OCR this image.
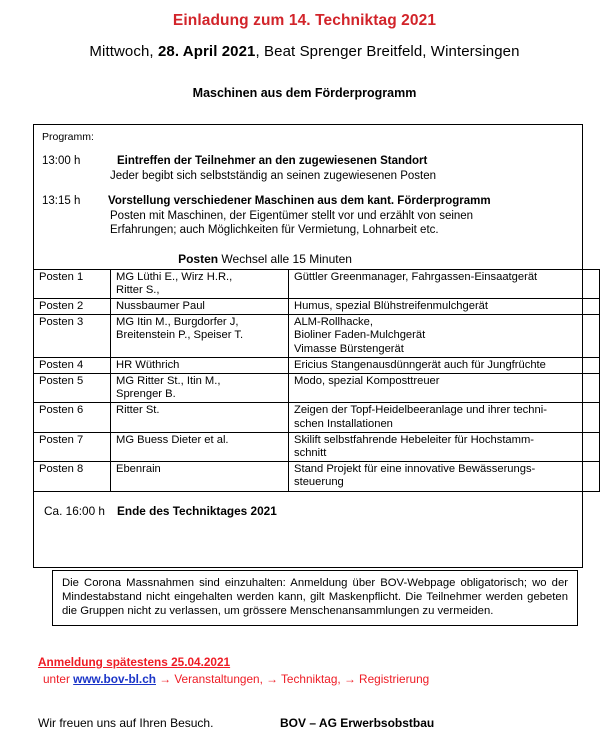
Einladung zum 14. Techniktag 2021

Mittwoch, 28. April 2021, Beat Sprenger Breitfeld, Wintersingen

Maschinen aus dem Förderprogramm

Programm:
13:00 h	Eintreffen der Teilnehmer an den zugewiesenen Standort
Jeder begibt sich selbstständig an seinen zugewiesenen Posten
13:15 h	Vorstellung verschiedener Maschinen aus dem kant. Förderprogramm
Posten mit Maschinen, der Eigentümer stellt vor und erzählt von seinen
Erfahrungen; auch Möglichkeiten für Vermietung, Lohnarbeit etc.
Posten Wechsel alle 15 Minuten
Posten 1	MG Lüthi E., Wirz H.R.,
Ritter S.,	Güttler Greenmanager, Fahrgassen-Einsaatgerät
Posten 2	Nussbaumer Paul	Humus, spezial Blühstreifenmulchgerät
Posten 3	MG Itin M., Burgdorfer J,
Breitenstein P., Speiser T.	ALM-Rollhacke,
Bioliner Faden-Mulchgerät
Vimasse Bürstengerät
Posten 4	HR Wüthrich	Ericius Stangenausdünngerät auch für Jungfrüchte
Posten 5	MG Ritter St., Itin M.,
Sprenger B.	Modo, spezial Komposttreuer
Posten 6	Ritter St.	Zeigen der Topf-Heidelbeeranlage und ihrer techni-
schen Installationen
Posten 7	MG Buess Dieter et al.	Skilift selbstfahrende Hebeleiter für Hochstamm-
schnitt
Posten 8	Ebenrain	Stand Projekt für eine innovative Bewässerungs-
steuerung
Ca. 16:00 h Ende des Techniktages 2021

Die Corona Massnahmen sind einzuhalten: Anmeldung über BOV-Webpage obligatorisch; wo der Mindestabstand nicht eingehalten werden kann, gilt Maskenpflicht. Die Teilnehmer werden gebeten die Gruppen nicht zu verlassen, um grössere Menschenansammlungen zu vermeiden.

Anmeldung spätestens 25.04.2021
unter www.bov-bl.ch → Veranstaltungen, → Techniktag, → Registrierung
Wir freuen uns auf Ihren Besuch.	BOV – AG Erwerbsobstbau
